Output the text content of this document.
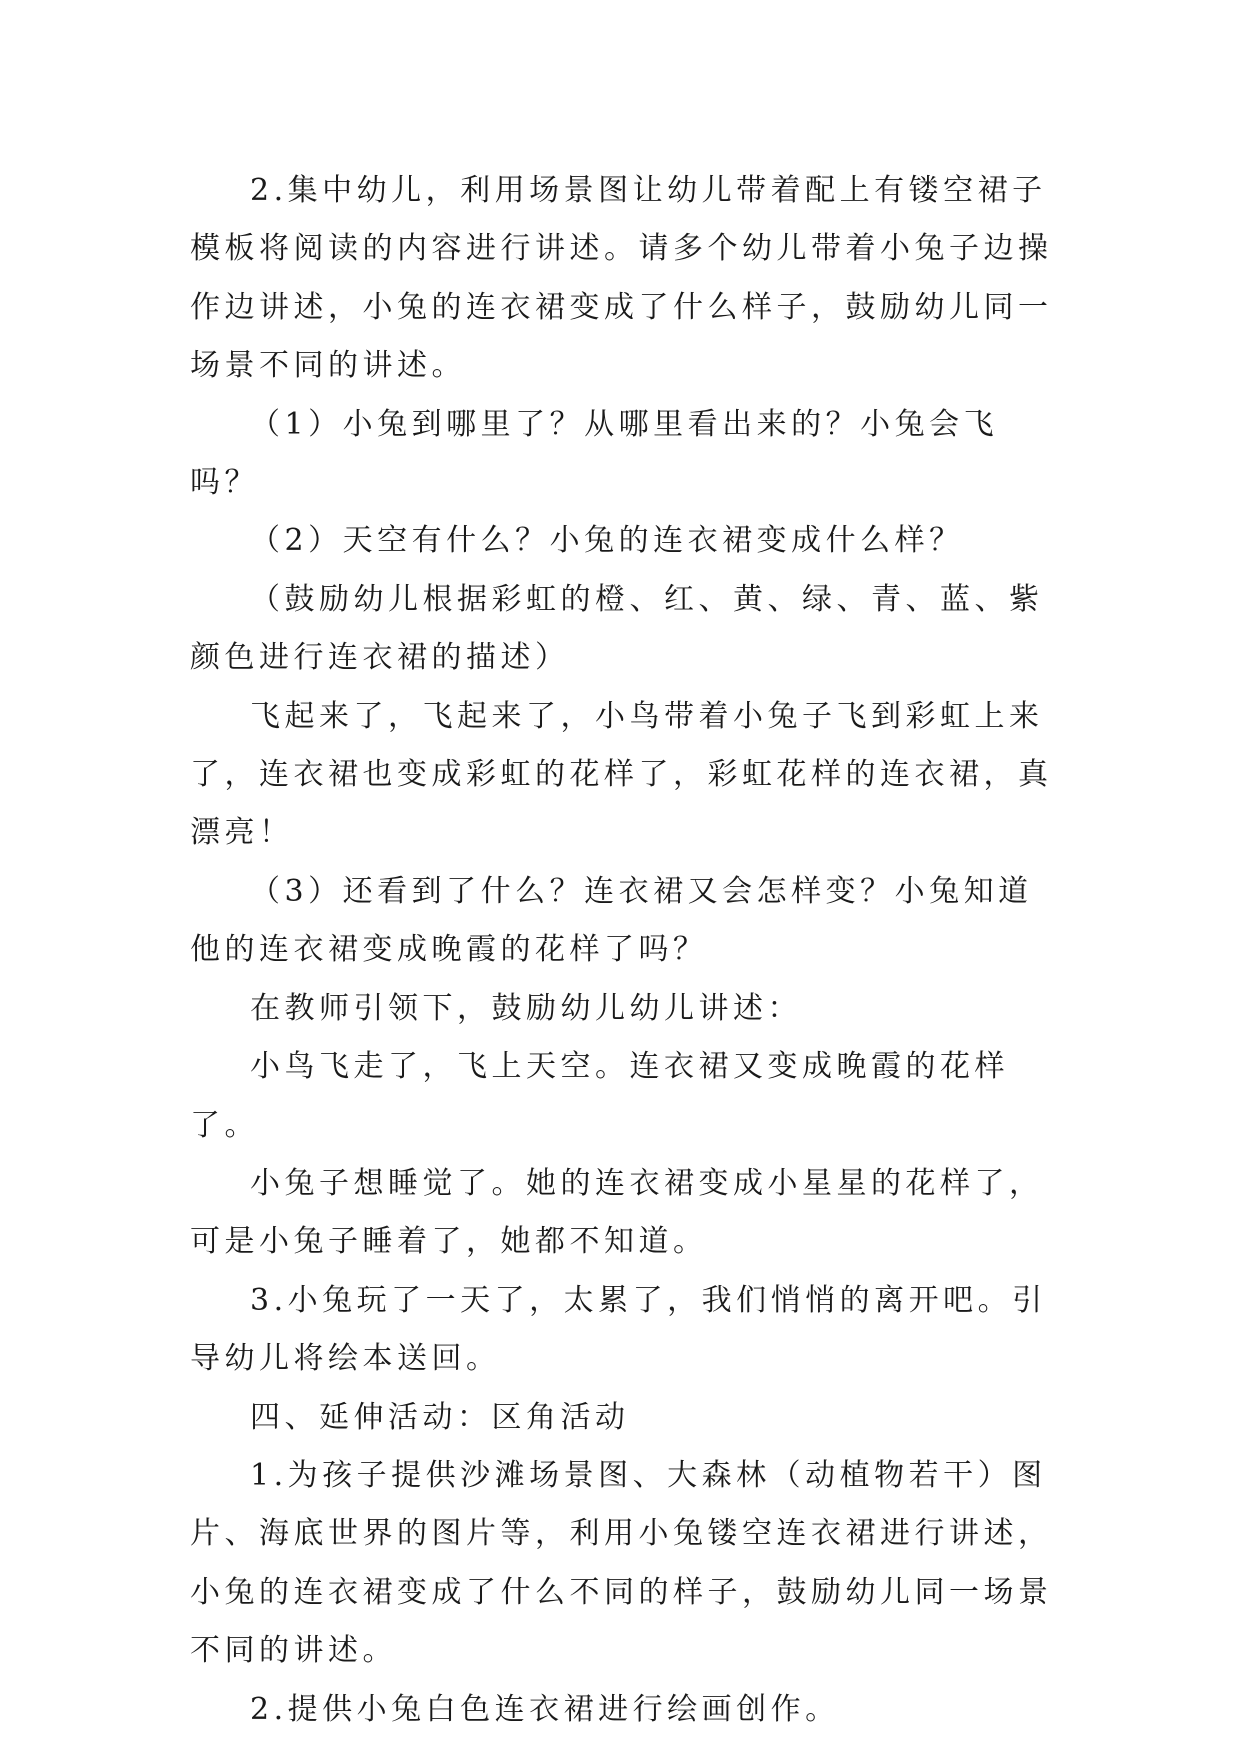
2.集中幼儿，利用场景图让幼儿带着配上有镂空裙子模板将阅读的内容进行讲述。请多个幼儿带着小兔子边操作边讲述，小兔的连衣裙变成了什么样子，鼓励幼儿同一场景不同的讲述。

（1）小兔到哪里了？从哪里看出来的？小兔会飞吗？

（2）天空有什么？小兔的连衣裙变成什么样？

（鼓励幼儿根据彩虹的橙、红、黄、绿、青、蓝、紫颜色进行连衣裙的描述）

飞起来了，飞起来了，小鸟带着小兔子飞到彩虹上来了，连衣裙也变成彩虹的花样了，彩虹花样的连衣裙，真漂亮！

（3）还看到了什么？连衣裙又会怎样变？小兔知道他的连衣裙变成晚霞的花样了吗？

在教师引领下，鼓励幼儿幼儿讲述：

小鸟飞走了，飞上天空。连衣裙又变成晚霞的花样了。

小兔子想睡觉了。她的连衣裙变成小星星的花样了，可是小兔子睡着了，她都不知道。

3.小兔玩了一天了，太累了，我们悄悄的离开吧。引导幼儿将绘本送回。

四、延伸活动：区角活动

1.为孩子提供沙滩场景图、大森林（动植物若干）图片、海底世界的图片等，利用小兔镂空连衣裙进行讲述，小兔的连衣裙变成了什么不同的样子，鼓励幼儿同一场景不同的讲述。

2.提供小兔白色连衣裙进行绘画创作。
